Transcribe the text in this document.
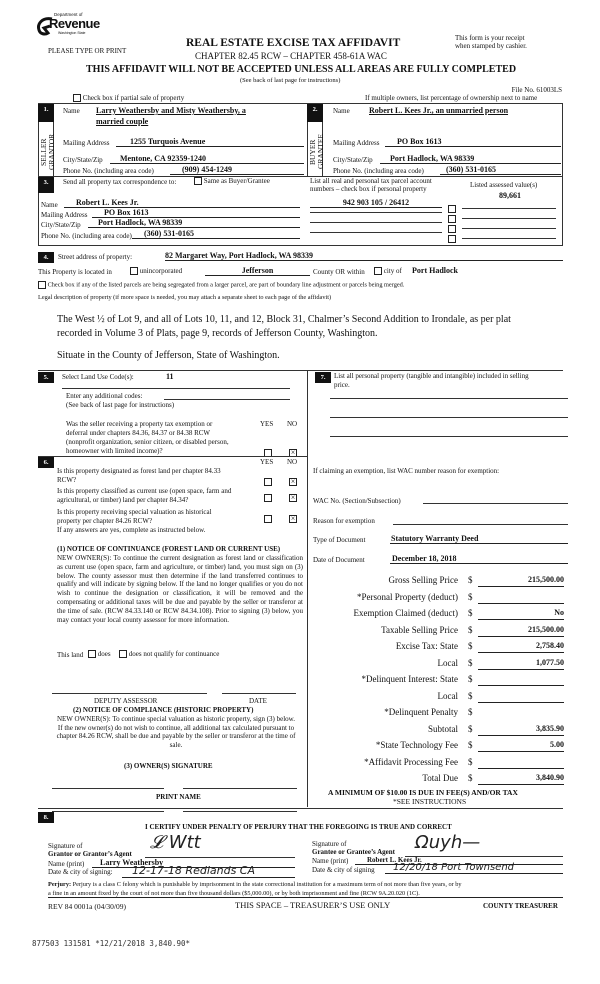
Department of
Revenue
Washington State
PLEASE TYPE OR PRINT
REAL ESTATE EXCISE TAX AFFIDAVIT
CHAPTER 82.45 RCW – CHAPTER 458-61A WAC
This form is your receipt
when stamped by cashier.
THIS AFFIDAVIT WILL NOT BE ACCEPTED UNLESS ALL AREAS ARE FULLY COMPLETED
(See back of last page for instructions)
File No. 61003LS
Check box if partial sale of property	If multiple owners, list percentage of ownership next to name
1.
SELLER
GRANTOR
Name Larry Weathersby and Misty Weathersby, a
married couple
Mailing Address	1255 Turquois Avenue
City/State/Zip	Mentone, CA 92359-1240
Phone No. (including area code)	(909) 454-1249
2.
BUYER
GRANTEE
Name Robert L. Kees Jr., an unmarried person
Mailing Address	PO Box 1613
City/State/Zip	Port Hadlock, WA 98339
Phone No. (including area code)	(360) 531-0165
3.	Send all property tax correspondence to:	Same as Buyer/Grantee	List all real and personal tax parcel account
numbers – check box if personal property	Listed assessed value(s)
Name	Robert L. Kees Jr.
Mailing Address	PO Box 1613
City/State/Zip	Port Hadlock, WA 98339
Phone No. (including area code)	(360) 531-0165
942 903 105 / 26412
89,661
4.	Street address of property:	82 Margaret Way, Port Hadlock, WA 98339
This Property is located in	unincorporated	Jefferson	County OR within	city of Port Hadlock
Check box if any of the listed parcels are being segregated from a larger parcel, are part of boundary line adjustment or parcels being merged.
Legal description of property (if more space is needed, you may attach a separate sheet to each page of the affidavit)
The West ½ of Lot 9, and all of Lots 10, 11, and 12, Block 31, Chalmer’s Second Addition to Irondale, as per plat
recorded in Volume 3 of Plats, page 9, records of Jefferson County, Washington.
Situate in the County of Jefferson, State of Washington.
5.	Select Land Use Code(s):	11
Enter any additional codes:
(See back of last page for instructions)
Was the seller receiving a property tax exemption or
deferral under chapters 84.36, 84.37 or 84.38 RCW
(nonprofit organization, senior citizen, or disabled person,
homeowner with limited income)?
YES NO
×
6.	YES NO
Is this property designated as forest land per chapter 84.33
RCW?	×
Is this property classified as current use (open space, farm and
agricultural, or timber) land per chapter 84.34?	×
Is this property receiving special valuation as historical
property per chapter 84.26 RCW?	×
If any answers are yes, complete as instructed below.
(1) NOTICE OF CONTINUANCE (FOREST LAND OR CURRENT USE)
NEW OWNER(S): To continue the current designation as forest land or classification as current use (open space, farm and agriculture, or timber) land, you must sign on (3) below. The county assessor must then determine if the land transferred continues to qualify and will indicate by signing below. If the land no longer qualifies or you do not wish to continue the designation or classification, it will be removed and the compensating or additional taxes will be due and payable by the seller or transferor at the time of sale. (RCW 84.33.140 or RCW 84.34.108). Prior to signing (3) below, you may contact your local county assessor for more information.
This land	does	does not qualify for continuance
DEPUTY ASSESSOR	DATE
(2) NOTICE OF COMPLIANCE (HISTORIC PROPERTY)
NEW OWNER(S): To continue special valuation as historic property, sign (3) below. If the new owner(s) do not wish to continue, all additional tax calculated pursuant to chapter 84.26 RCW, shall be due and payable by the seller or transferor at the time of sale.
(3) OWNER(S) SIGNATURE
PRINT NAME
7.	List all personal property (tangible and intangible) included in selling
price.
If claiming an exemption, list WAC number reason for exemption:
WAC No. (Section/Subsection)
Reason for exemption
Type of Document	Statutory Warranty Deed
Date of Document	December 18, 2018
Gross Selling Price $	215,500.00
*Personal Property (deduct) $
Exemption Claimed (deduct) $	No
Taxable Selling Price $	215,500.00
Excise Tax: State $	2,758.40
Local $	1,077.50
*Delinquent Interest: State $
Local $
*Delinquent Penalty $
Subtotal $	3,835.90
*State Technology Fee $	5.00
*Affidavit Processing Fee $
Total Due $	3,840.90
A MINIMUM OF $10.00 IS DUE IN FEE(S) AND/OR TAX
*SEE INSTRUCTIONS
8.
I CERTIFY UNDER PENALTY OF PERJURY THAT THE FOREGOING IS TRUE AND CORRECT
Signature of
Grantor or Grantor’s Agent
𝓛 Wtt
Name (print)	Larry Weathersby
Date & city of signing:	12-17-18 Redlands CA
Signature of
Grantee or Grantee’s Agent Ωuyh—
Name (print)	Robert L. Kees Jr.
Date & city of signing	12/20/18 Port Townsend
Perjury: Perjury is a class C felony which is punishable by imprisonment in the state correctional institution for a maximum term of not more than five years, or by
a fine in an amount fixed by the court of not more than five thousand dollars ($5,000.00), or by both imprisonment and fine (RCW 9A.20.020 (1C).
REV 84 0001a (04/30/09)	THIS SPACE – TREASURER’S USE ONLY	COUNTY TREASURER
877503 131581 *12/21/2018 3,840.90*
